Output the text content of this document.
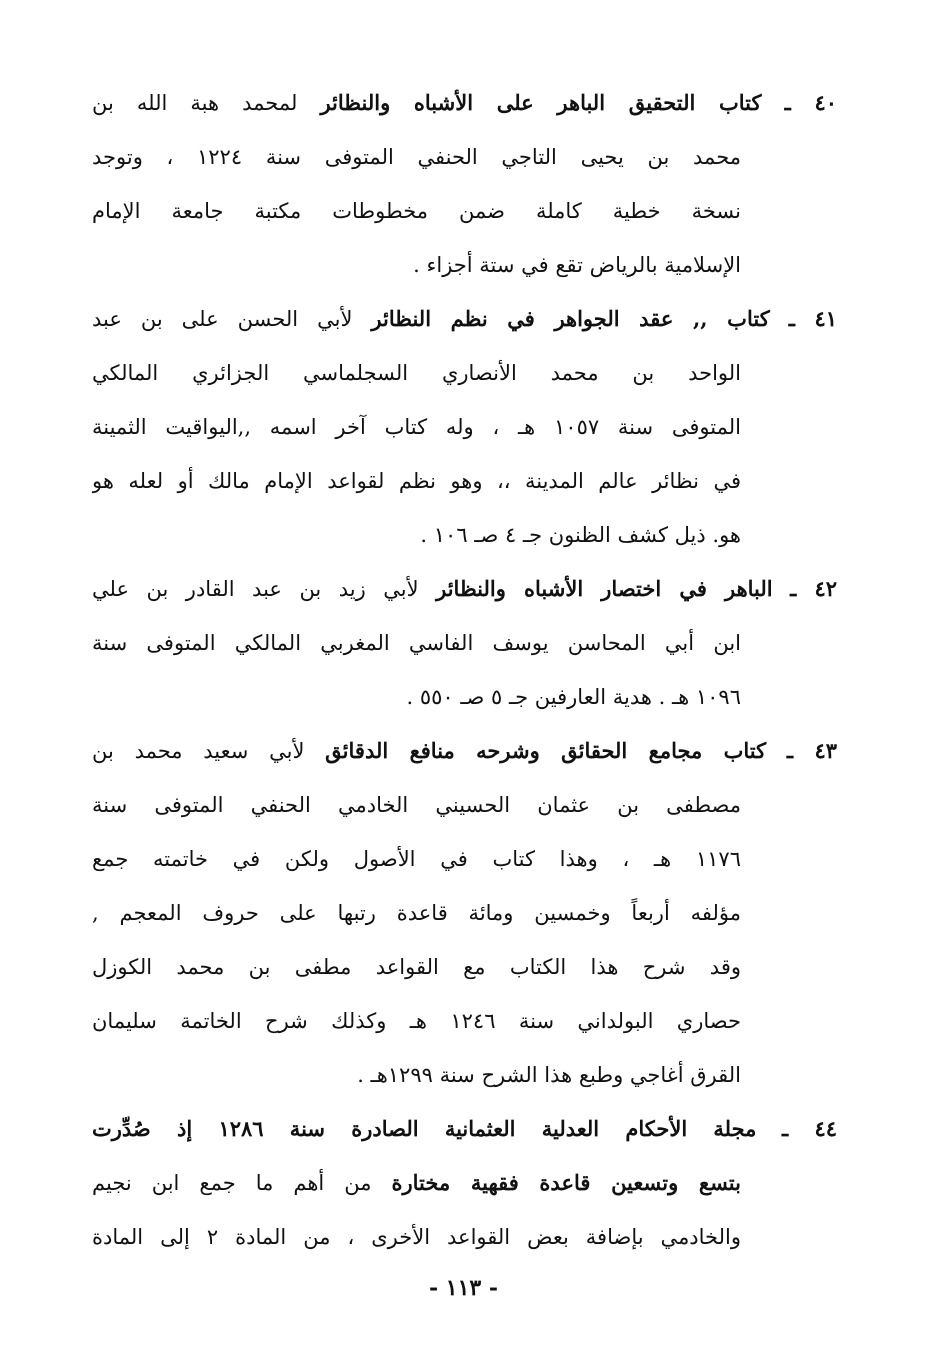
٤٠ ـ كتاب التحقيق الباهر على الأشباه والنظائر لمحمد هبة الله بن
محمد بن يحيى التاجي الحنفي المتوفى سنة ١٢٢٤ ، وتوجد
نسخة خطية كاملة ضمن مخطوطات مكتبة جامعة الإمام
الإسلامية بالرياض تقع في ستة أجزاء .
٤١ ـ كتاب ,, عقد الجواهر في نظم النظائر لأبي الحسن على بن عبد
الواحد بن محمد الأنصاري السجلماسي الجزائري المالكي
المتوفى سنة ١٠٥٧ هـ ، وله كتاب آخر اسمه ,,اليواقيت الثمينة
في نظائر عالم المدينة ،، وهو نظم لقواعد الإمام مالك أو لعله هو
هو. ذيل كشف الظنون جـ ٤ صـ ١٠٦ .
٤٢ ـ الباهر في اختصار الأشباه والنظائر لأبي زيد بن عبد القادر بن علي
ابن أبي المحاسن يوسف الفاسي المغربي المالكي المتوفى سنة
١٠٩٦ هـ . هدية العارفين جـ ٥ صـ ٥٥٠ .
٤٣ ـ كتاب مجامع الحقائق وشرحه منافع الدقائق لأبي سعيد محمد بن
مصطفى بن عثمان الحسيني الخادمي الحنفي المتوفى سنة
١١٧٦ هـ ، وهذا كتاب في الأصول ولكن في خاتمته جمع
مؤلفه أربعاً وخمسين ومائة قاعدة رتبها على حروف المعجم ,
وقد شرح هذا الكتاب مع القواعد مطفى بن محمد الكوزل
حصاري البولداني سنة ١٢٤٦ هـ وكذلك شرح الخاتمة سليمان
القرق أغاجي وطبع هذا الشرح سنة ١٢٩٩هـ .
٤٤ ـ مجلة الأحكام العدلية العثمانية الصادرة سنة ١٢٨٦ إذ صُدِّرت
بتسع وتسعين قاعدة فقهية مختارة من أهم ما جمع ابن نجيم
والخادمي بإضافة بعض القواعد الأخرى ، من المادة ٢ إلى المادة
- ١١٣ -
